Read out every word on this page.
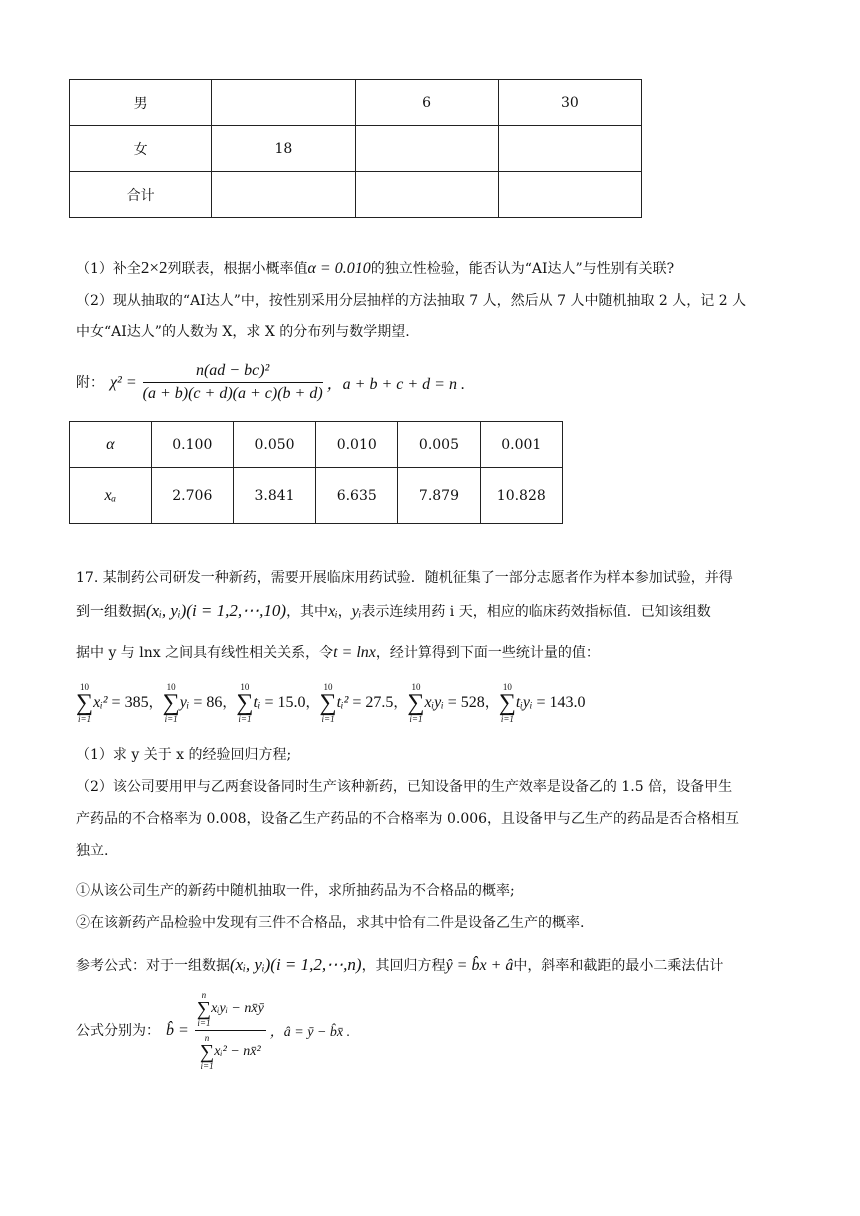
男		6	30
女	18		
合计			
（1）补全2×2列联表，根据小概率值α = 0.010的独立性检验，能否认为“AI达人”与性别有关联?
（2）现从抽取的“AI达人”中，按性别采用分层抽样的方法抽取 7 人，然后从 7 人中随机抽取 2 人，记 2 人
中女“AI达人”的人数为 X，求 X 的分布列与数学期望.
附： $\chi^2 = \frac{\text{n(ad − bc)²}}{(a + b)(c + d)(a + c)(b + d)}$ ，a + b + c + d = n .
α	0.100	0.050	0.010	0.005	0.001
xₐ	2.706	3.841	6.635	7.879	10.828
17. 某制药公司研发一种新药，需要开展临床用药试验．随机征集了一部分志愿者作为样本参加试验，并得
到一组数据(xᵢ, yᵢ)(i = 1,2,⋯,10)，其中xᵢ，yᵢ表示连续用药 i 天，相应的临床药效指标值．已知该组数
据中 y 与 lnx 之间具有线性相关关系，令t = lnx，经计算得到下面一些统计量的值：
10
∑
i=1
xᵢ² = 385 ，
10
∑
i=1
yᵢ = 86 ，
10
∑
i=1
tᵢ = 15.0 ，
10
∑
i=1
tᵢ² = 27.5 ，
10
∑
i=1
xᵢyᵢ = 528 ，
10
∑
i=1
tᵢyᵢ = 143.0
（1）求 y 关于 x 的经验回归方程;
（2）该公司要用甲与乙两套设备同时生产该种新药，已知设备甲的生产效率是设备乙的 1.5 倍，设备甲生
产药品的不合格率为 0.008，设备乙生产药品的不合格率为 0.006，且设备甲与乙生产的药品是否合格相互
独立.
①从该公司生产的新药中随机抽取一件，求所抽药品为不合格品的概率;
②在该新药产品检验中发现有三件不合格品，求其中恰有二件是设备乙生产的概率.
参考公式：对于一组数据(xᵢ, yᵢ)(i = 1,2,⋯,n)，其回归方程ŷ = b̂x + â中，斜率和截距的最小二乘法估计
公式分别为： b̂ = n
∑
i=1
xᵢyᵢ − nx̄ȳ
n
∑
i=1
xᵢ² − nx̄² ，â = ȳ − b̂x̄ .
